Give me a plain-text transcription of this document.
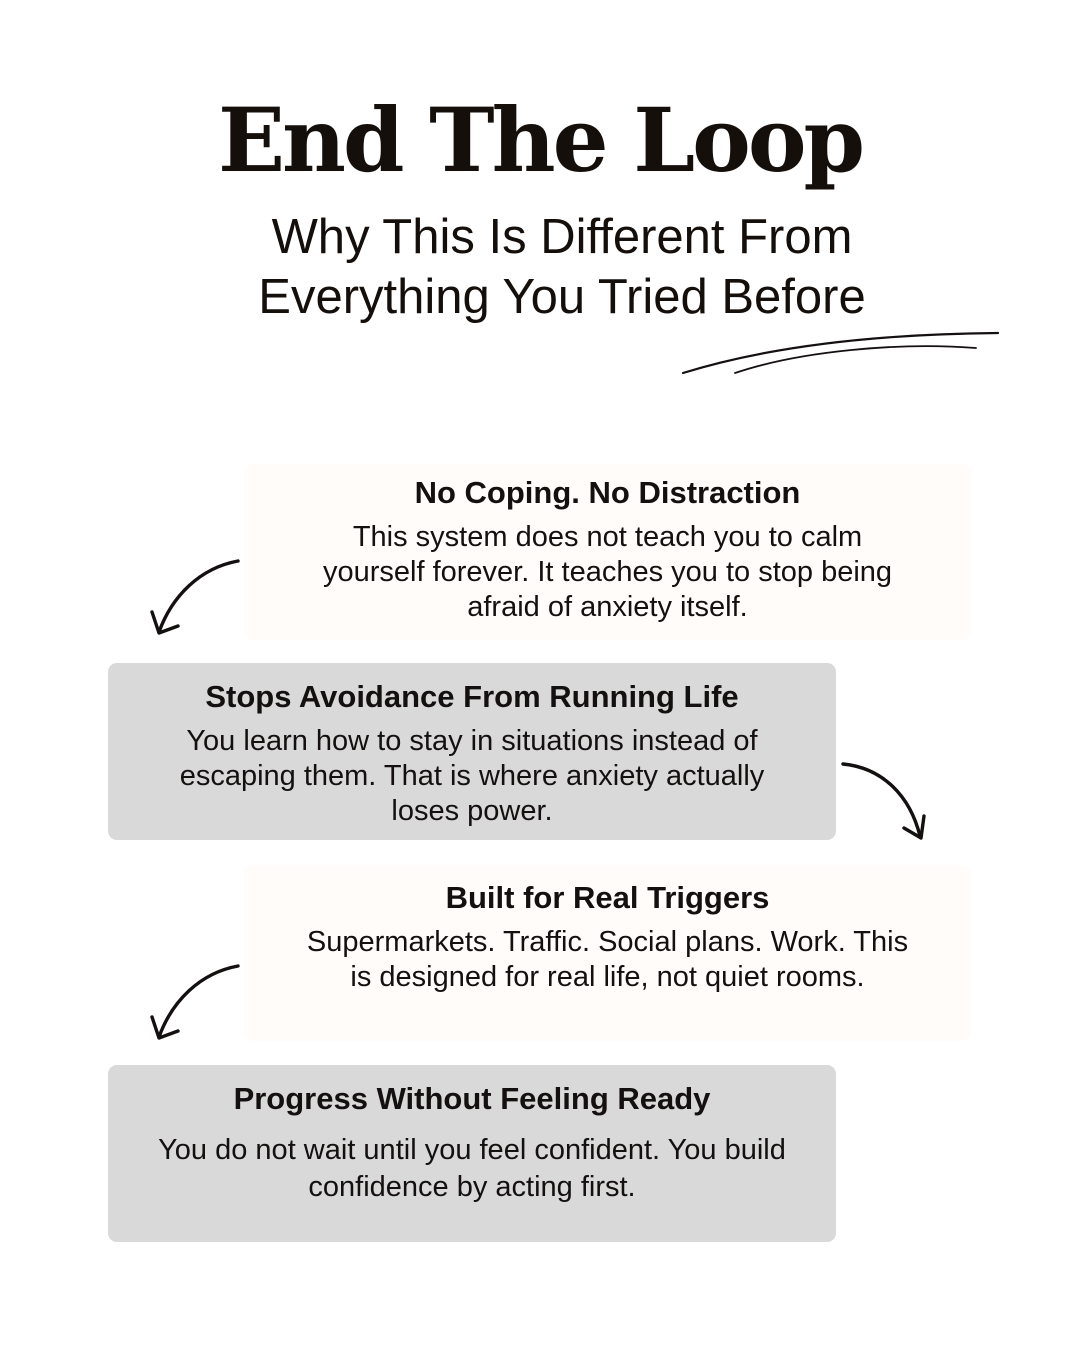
End The Loop
Why This Is Different From
Everything You Tried Before
No Coping. No Distraction
This system does not teach you to calm yourself forever. It teaches you to stop being afraid of anxiety itself.
Stops Avoidance From Running Life
You learn how to stay in situations instead of escaping them. That is where anxiety actually loses power.
Built for Real Triggers
Supermarkets. Traffic. Social plans. Work. This is designed for real life, not quiet rooms.
Progress Without Feeling Ready
You do not wait until you feel confident. You build confidence by acting first.
